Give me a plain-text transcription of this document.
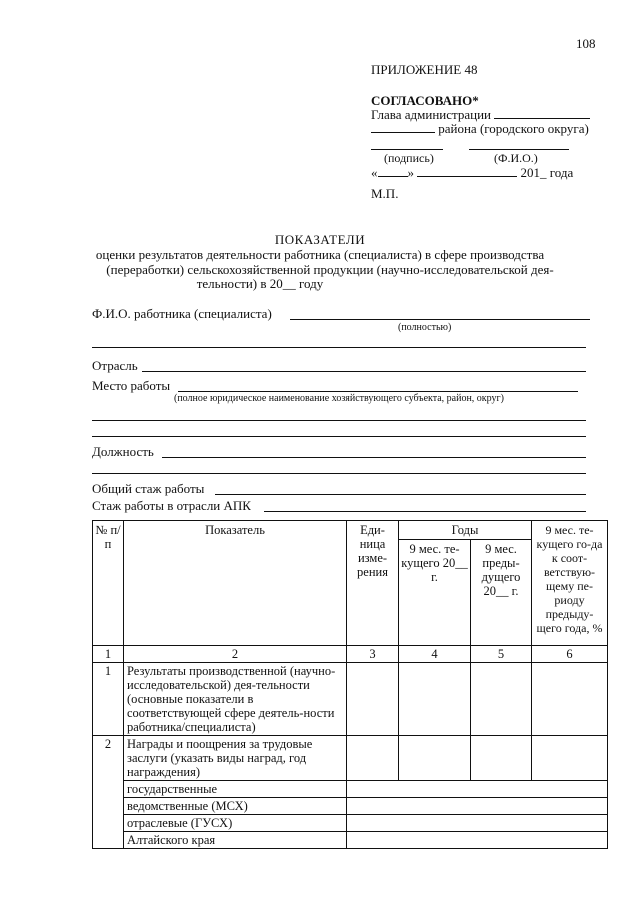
108
ПРИЛОЖЕНИЕ 48
СОГЛАСОВАНО*
Глава администрации
района (городского округа)
(подпись)	(Ф.И.О.)
« »	201_ года
М.П.
ПОКАЗАТЕЛИ
оценки результатов деятельности работника (специалиста) в сфере производства
(переработки) сельскохозяйственной продукции (научно-исследовательской дея-
тельности) в 20__ году
Ф.И.О. работника (специалиста)
(полностью)
Отрасль
Место работы
(полное юридическое наименование хозяйствующего субъекта, район, округ)
Должность
Общий стаж работы
Стаж работы в отрасли АПК
№ п/п	Показатель	Еди-ница изме-рения	Годы		9 мес. те-кущего го-да к соот-ветствую-щему пе-риоду предыду-щего года, %
			9 мес. те-кущего 20__ г.	9 мес. преды-дущего 20__ г.	
1	2	3	4	5	6
1	Результаты производственной (научно-исследовательской) дея-тельности (основные показатели в соответствующей сфере деятель-ности работника/специалиста)				
2	Награды и поощрения за трудовые заслуги (указать виды наград, год награждения)				
	государственные				
	ведомственные (МСХ)				
	отраслевые (ГУСХ)				
	Алтайского края				
